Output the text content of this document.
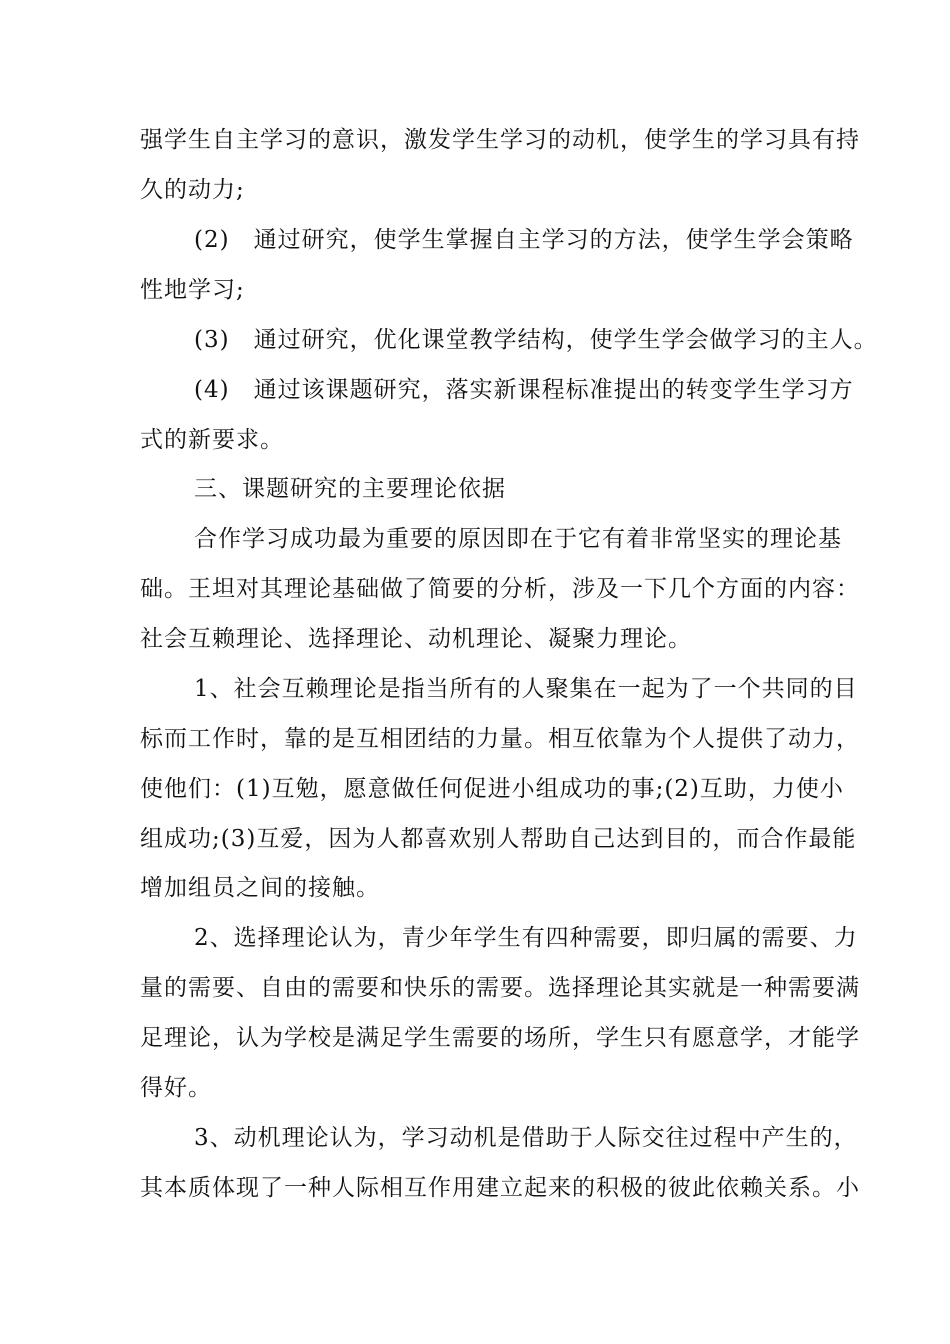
强学生自主学习的意识，激发学生学习的动机，使学生的学习具有持
久的动力;
(2)　通过研究，使学生掌握自主学习的方法，使学生学会策略
性地学习;
(3)　通过研究，优化课堂教学结构，使学生学会做学习的主人。
(4)　通过该课题研究，落实新课程标准提出的转变学生学习方
式的新要求。
三、课题研究的主要理论依据
合作学习成功最为重要的原因即在于它有着非常坚实的理论基
础。王坦对其理论基础做了简要的分析，涉及一下几个方面的内容：
社会互赖理论、选择理论、动机理论、凝聚力理论。
1、社会互赖理论是指当所有的人聚集在一起为了一个共同的目
标而工作时，靠的是互相团结的力量。相互依靠为个人提供了动力，
使他们：(1)互勉，愿意做任何促进小组成功的事;(2)互助，力使小
组成功;(3)互爱，因为人都喜欢别人帮助自己达到目的，而合作最能
增加组员之间的接触。
2、选择理论认为，青少年学生有四种需要，即归属的需要、力
量的需要、自由的需要和快乐的需要。选择理论其实就是一种需要满
足理论，认为学校是满足学生需要的场所，学生只有愿意学，才能学
得好。
3、动机理论认为，学习动机是借助于人际交往过程中产生的，
其本质体现了一种人际相互作用建立起来的积极的彼此依赖关系。小
